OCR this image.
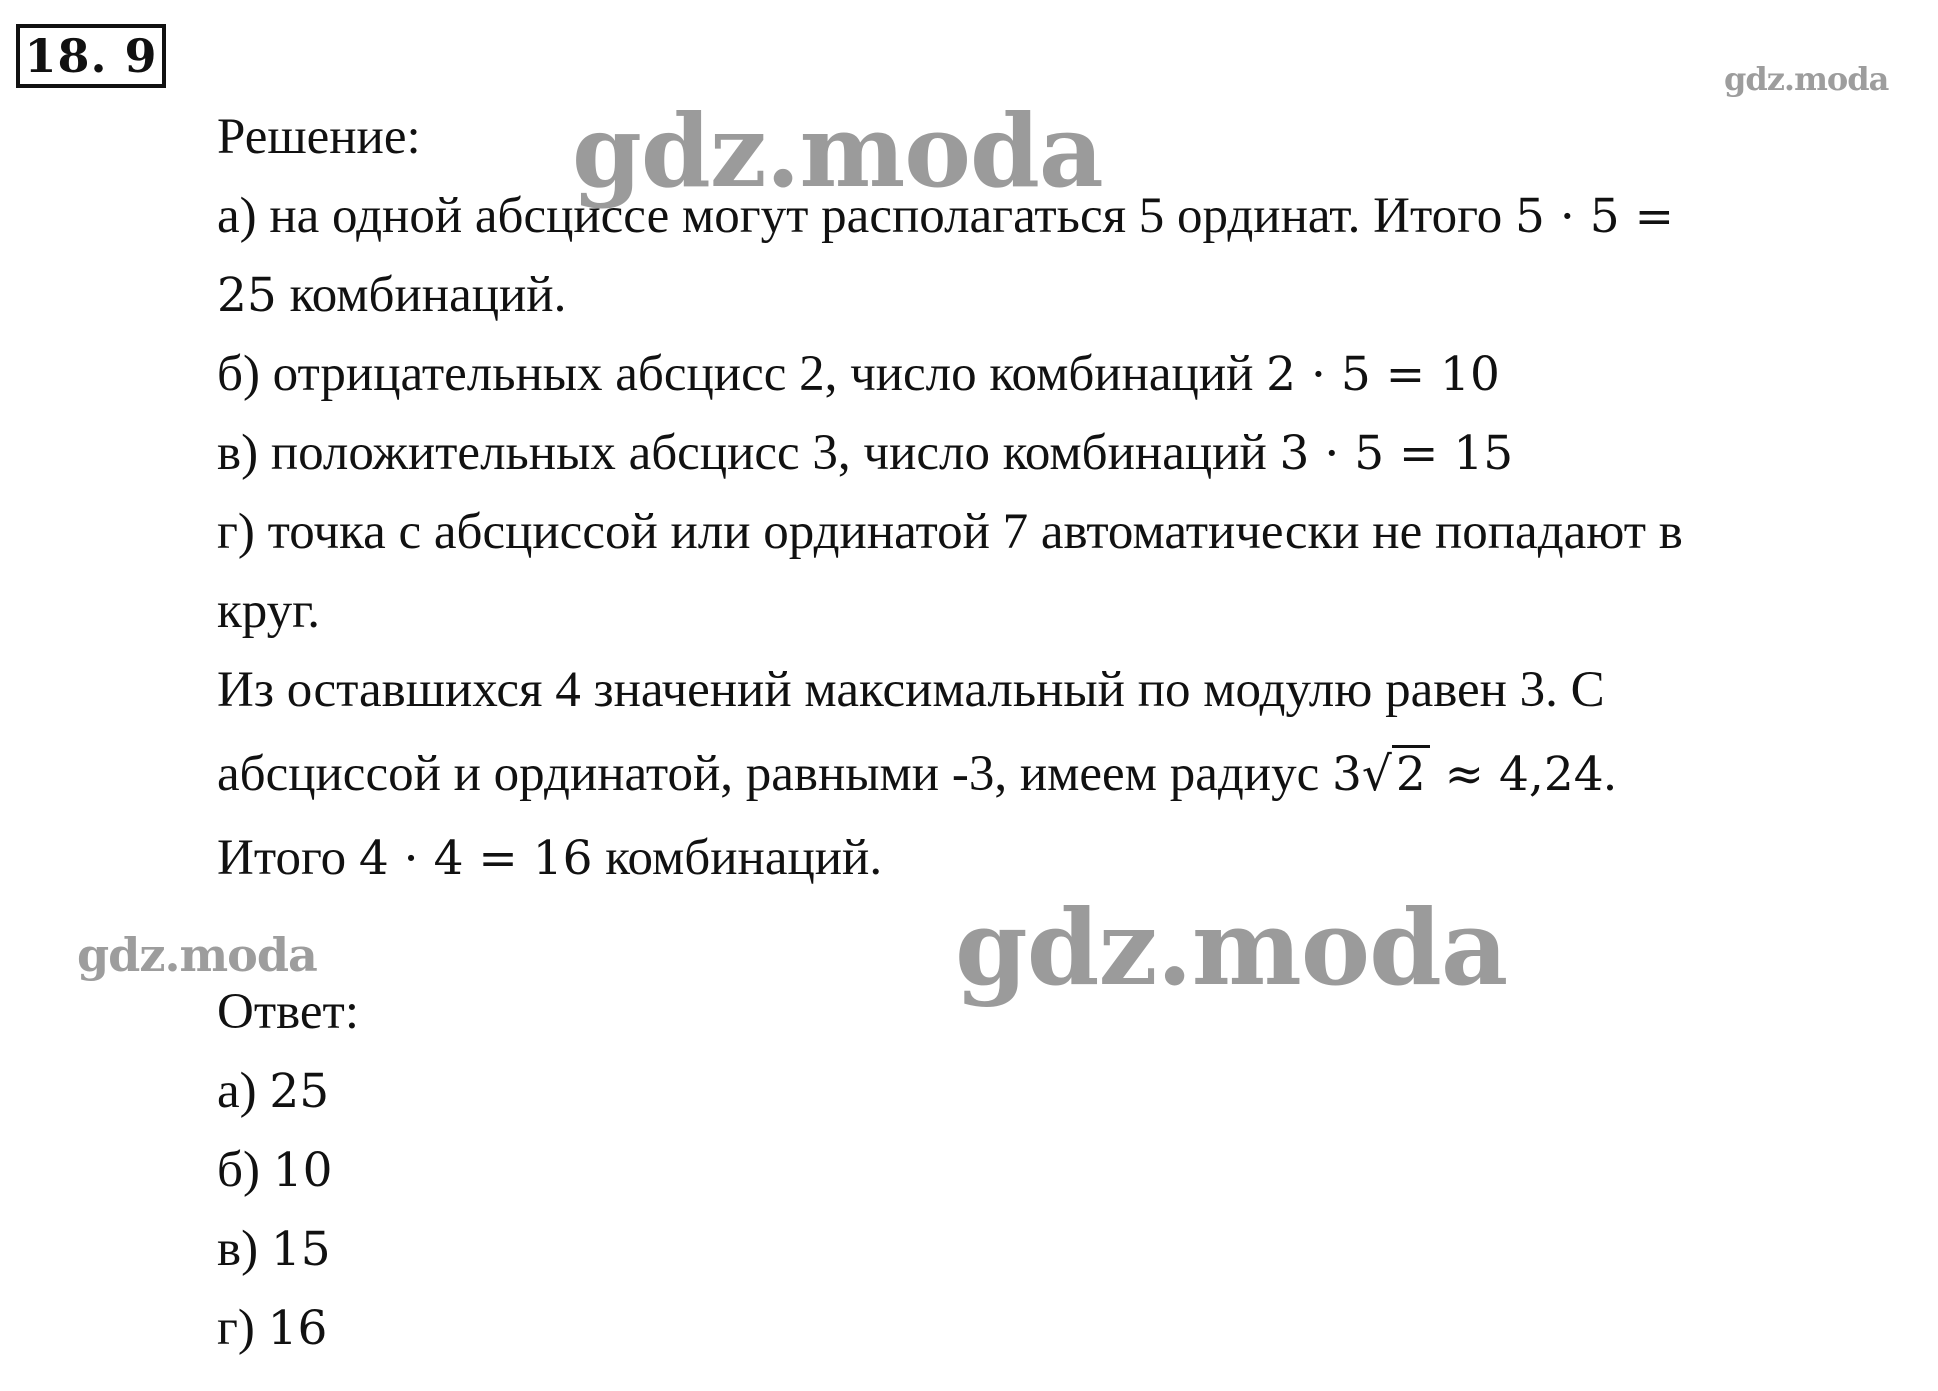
18. 9
gdz.moda
gdz.moda
gdz.moda
gdz.moda
Решение:
а) на одной абсциссе могут располагаться 5 ординат. Итого 5 · 5 =
25 комбинаций.
б) отрицательных абсцисс 2, число комбинаций 2 · 5 = 10
в) положительных абсцисс 3, число комбинаций 3 · 5 = 15
г) точка с абсциссой или ординатой 7 автоматически не попадают в
круг.
Из оставшихся 4 значений максимальный по модулю равен 3. С
абсциссой и ординатой, равными -3, имеем радиус 3√2 ≈ 4,24.
Итого 4 · 4 = 16 комбинаций.
Ответ:
а) 25
б) 10
в) 15
г) 16
